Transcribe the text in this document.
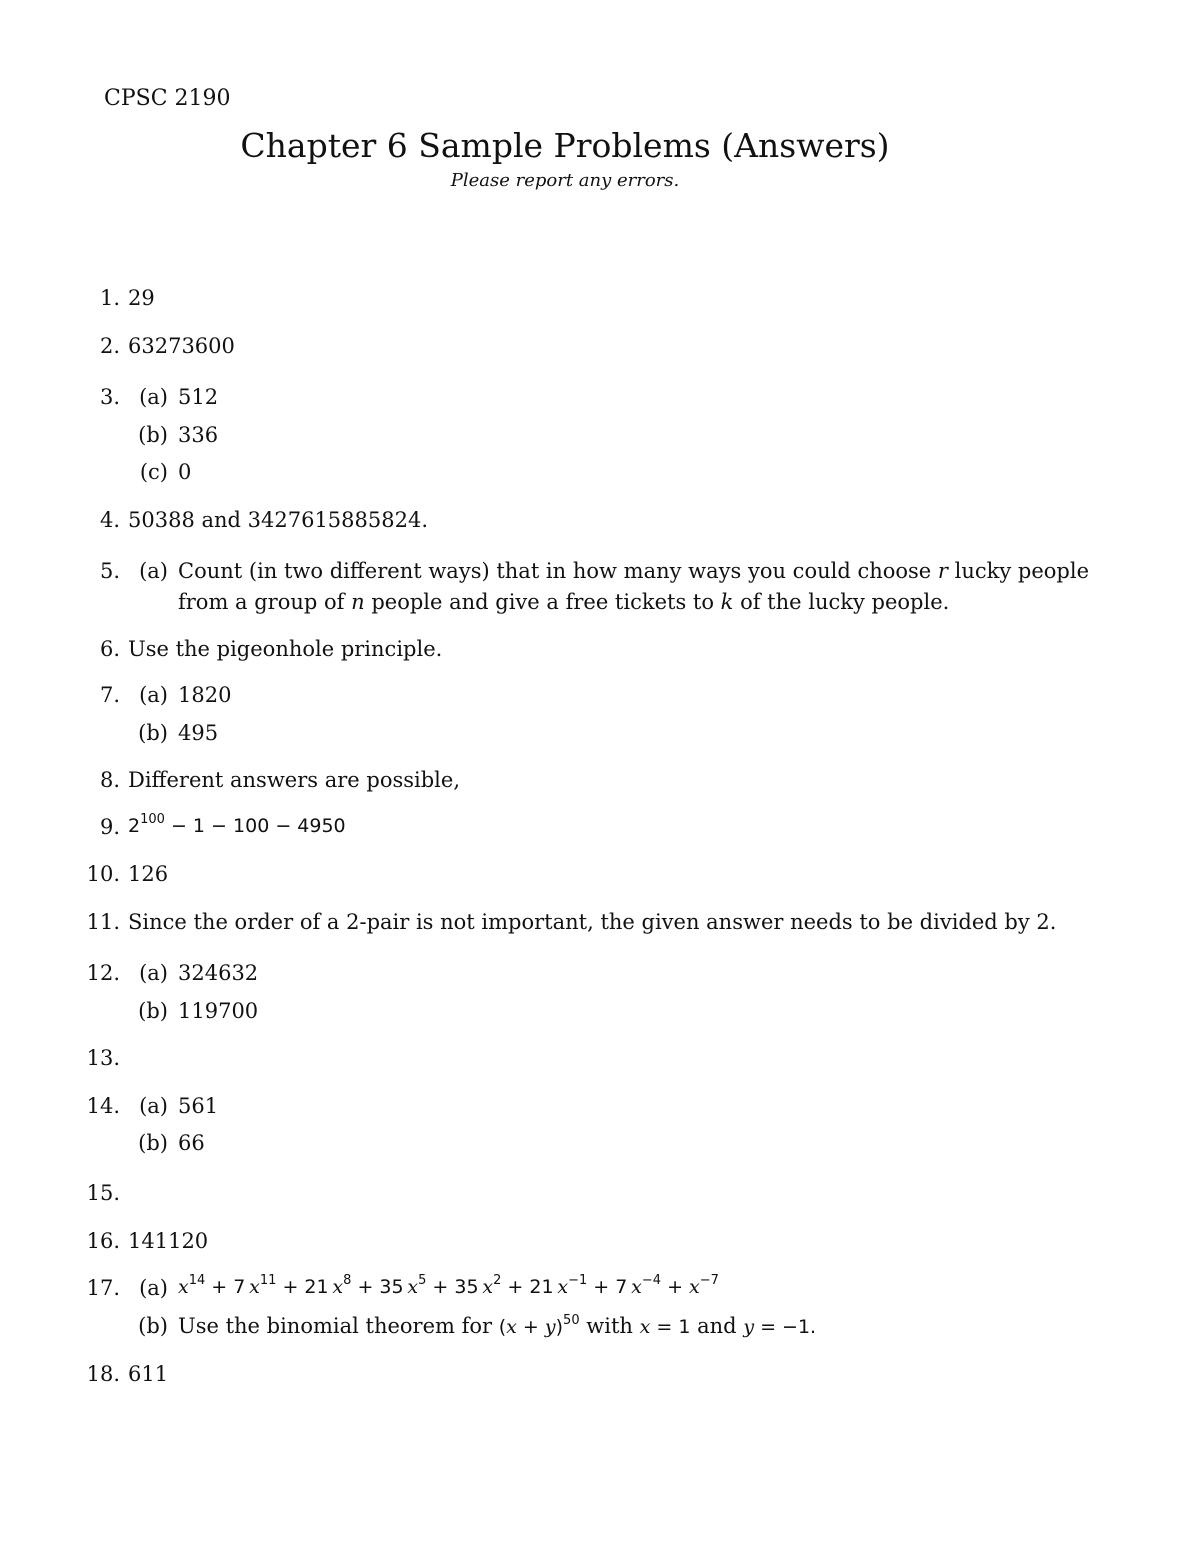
CPSC 2190
Chapter 6 Sample Problems (Answers)
Please report any errors.
1. 29
2. 63273600
3. (a) 512
(b) 336
(c) 0
4. 50388 and 3427615885824.
5. (a) Count (in two different ways) that in how many ways you could choose r lucky people
from a group of n people and give a free tickets to k of the lucky people.
6. Use the pigeonhole principle.
7. (a) 1820
(b) 495
8. Different answers are possible,
9. $2^{100} - 1 - 100 - 4950$
10. 126
11. Since the order of a 2-pair is not important, the given answer needs to be divided by 2.
12. (a) 324632
(b) 119700
13.
14. (a) 561
(b) 66
15.
16. 141120
17. (a) $x^{14} + 7$ $x^{11} + 21$ $x^8 + 35$ $x^5 + 35$ $x^2 + 21$ $x^{-1} + 7$ $x^{-4} + x^{-7}$
(b) Use the binomial theorem for $(x + y)^{50}$ with x = 1 and y = −1.
18. 611
